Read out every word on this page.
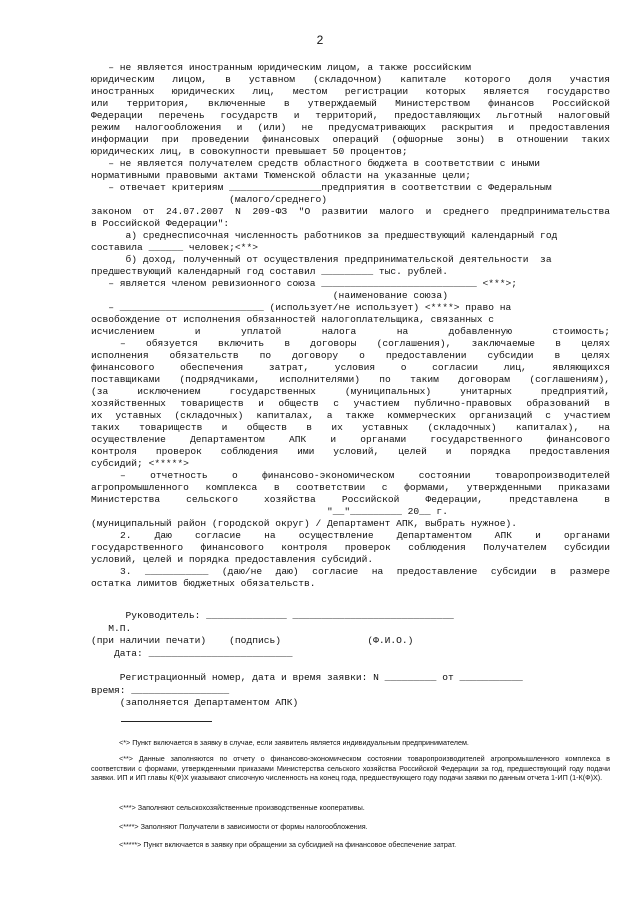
2
– не является иностранным юридическим лицом, а также российским
юридическим лицом, в уставном (складочном) капитале которого доля участия
иностранных юридических лиц, местом регистрации которых является государство
или территория, включенные в утверждаемый Министерством финансов Российской
Федерации перечень государств и территорий, предоставляющих льготный налоговый
режим налогообложения и (или) не предусматривающих раскрытия и предоставления
информации при проведении финансовых операций (офшорные зоны) в отношении таких
юридических лиц, в совокупности превышает 50 процентов;
– не является получателем средств областного бюджета в соответствии с иными
нормативными правовыми актами Тюменской области на указанные цели;
– отвечает критериям ________________предприятия в соответствии с Федеральным
(малого/среднего)
законом от 24.07.2007 N 209-ФЗ "О развитии малого и среднего предпринимательства
в Российской Федерации":
а) среднесписочная численность работников за предшествующий календарный год
составила ______ человек;<**>
б) доход, полученный от осуществления предпринимательской деятельности  за
предшествующий календарный год составил _________ тыс. рублей.
– является членом ревизионного союза ___________________________ <***>;
(наименование союза)
– _________________________ (использует/не использует) <****> право на
освобождение от исполнения обязанностей налогоплательщика, связанных с
исчислением и уплатой налога на добавленную стоимость;
– обязуется включить в договоры (соглашения), заключаемые в целях
исполнения обязательств по договору о предоставлении субсидии в целях
финансового обеспечения затрат, условия о согласии лиц, являющихся
поставщиками (подрядчиками, исполнителями) по таким договорам (соглашениям),
(за исключением государственных (муниципальных) унитарных предприятий,
хозяйственных товариществ и обществ с участием публично-правовых образований в
их уставных (складочных) капиталах, а также коммерческих организаций с участием
таких товариществ и обществ в их уставных (складочных) капиталах), на
осуществление Департаментом АПК и органами государственного финансового
контроля проверок соблюдения ими условий, целей и порядка предоставления
субсидий; <*****>
– отчетность о финансово-экономическом состоянии товаропроизводителей
агропромышленного комплекса в соответствии с формами, утвержденными приказами
Министерства сельского хозяйства Российской Федерации, представлена в
"__"_________ 20__ г.
(муниципальный район (городской округ) / Департамент АПК, выбрать нужное).
2. Даю согласие на осуществление Департаментом АПК и органами
государственного финансового контроля проверок соблюдения Получателем субсидии
условий, целей и порядка предоставления субсидий.
3. ___________ (даю/не даю) согласие на предоставление субсидии в размере
остатка лимитов бюджетных обязательств.
Руководитель: ______________ ____________________________
М.П.
(при наличии печати)    (подпись)               (Ф.И.О.)
Дата: _________________________
Регистрационный номер, дата и время заявки: N _________ от ___________
время: _________________
(заполняется Департаментом АПК)
<*> Пункт включается в заявку в случае, если заявитель является индивидуальным предпринимателем.
<**> Данные заполняются по отчету о финансово-экономическом состоянии товаропроизводителей агропромышленного комплекса в соответствии с формами, утвержденными приказами Министерства сельского хозяйства Российской Федерации за год, предшествующий году подачи заявки. ИП и ИП главы К(Ф)Х указывают списочную численность на конец года, предшествующего году подачи заявки по данным отчета 1-ИП (1-К(Ф)Х).
<***> Заполняют сельскохозяйственные производственные кооперативы.
<****> Заполняют Получатели в зависимости от формы налогообложения.
<*****> Пункт включается в заявку при обращении за субсидией на финансовое обеспечение затрат.
